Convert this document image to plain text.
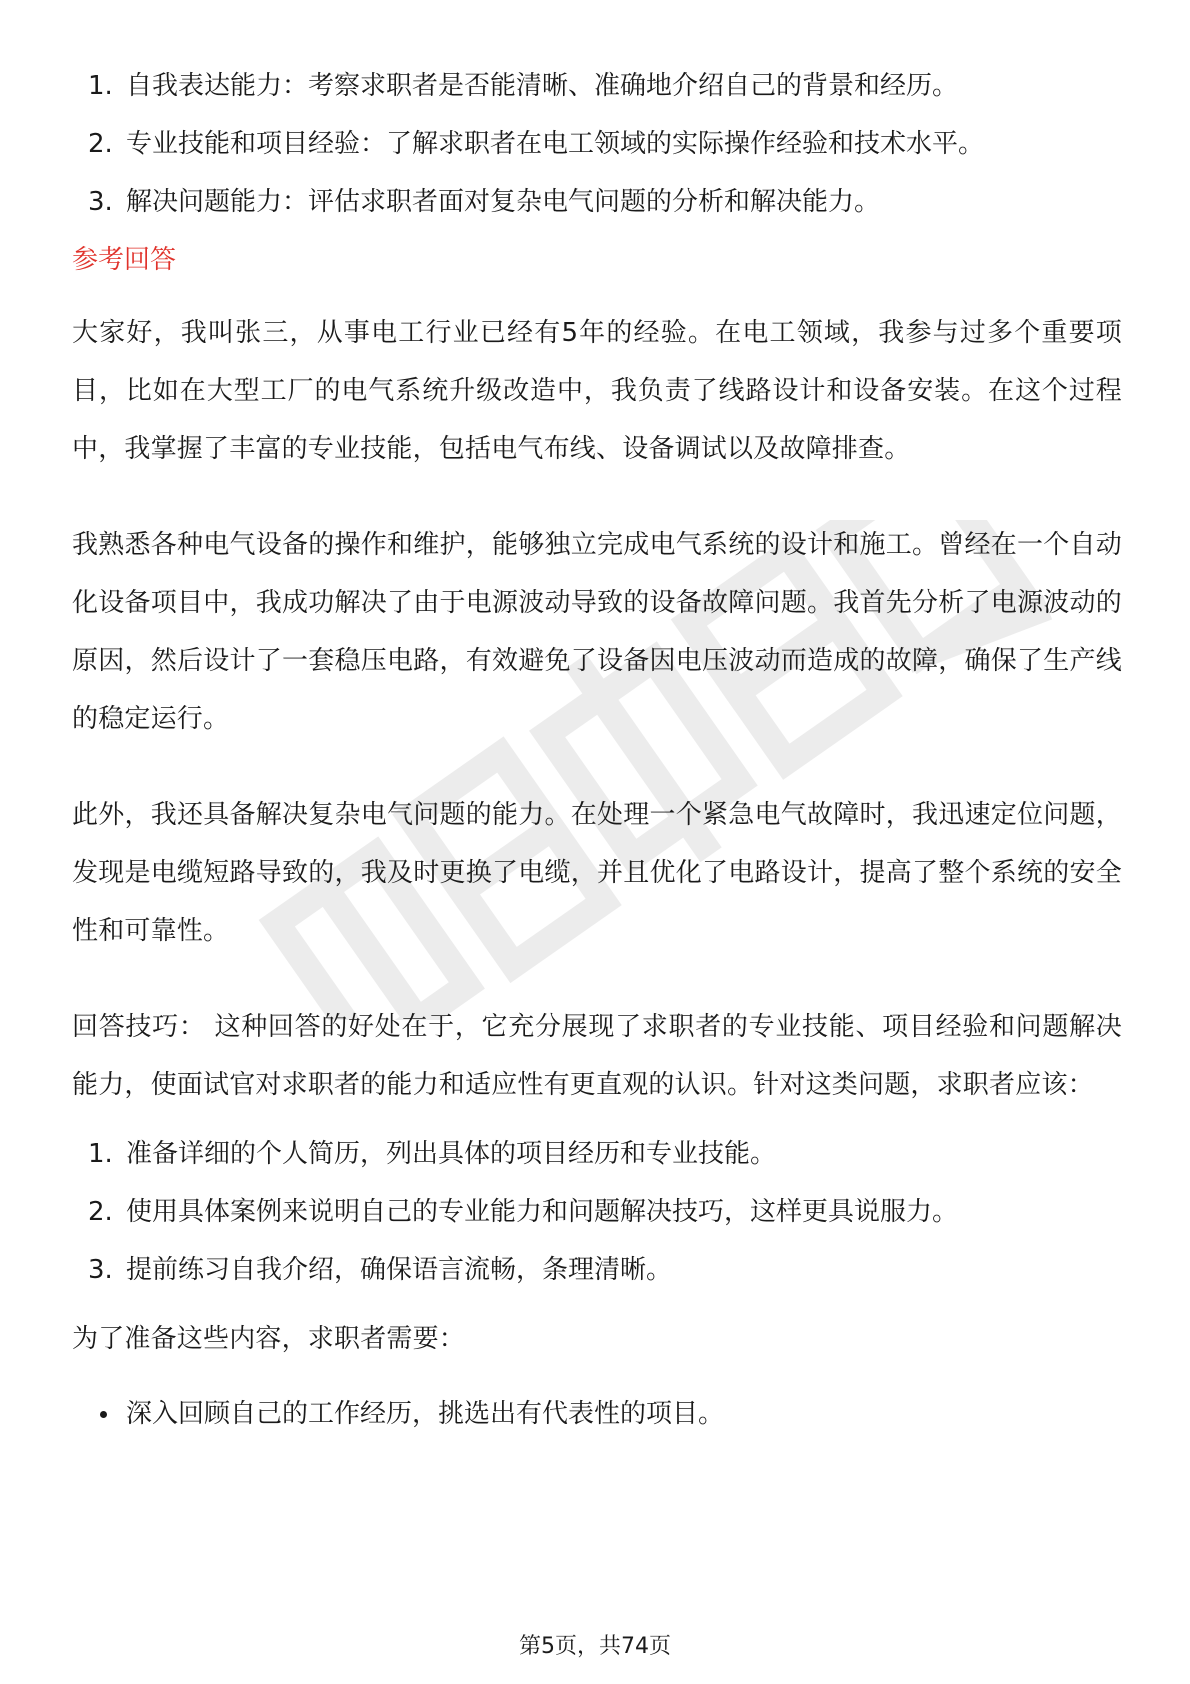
1. 自我表达能力：考察求职者是否能清晰、准确地介绍自己的背景和经历。
2. 专业技能和项目经验：了解求职者在电工领域的实际操作经验和技术水平。
3. 解决问题能力：评估求职者面对复杂电气问题的分析和解决能力。
参考回答

大家好，我叫张三，从事电工行业已经有5年的经验。在电工领域，我参与过多个重要项目，比如在大型工厂的电气系统升级改造中，我负责了线路设计和设备安装。在这个过程中，我掌握了丰富的专业技能，包括电气布线、设备调试以及故障排查。

我熟悉各种电气设备的操作和维护，能够独立完成电气系统的设计和施工。曾经在一个自动化设备项目中，我成功解决了由于电源波动导致的设备故障问题。我首先分析了电源波动的原因，然后设计了一套稳压电路，有效避免了设备因电压波动而造成的故障，确保了生产线的稳定运行。

此外，我还具备解决复杂电气问题的能力。在处理一个紧急电气故障时，我迅速定位问题，发现是电缆短路导致的，我及时更换了电缆，并且优化了电路设计，提高了整个系统的安全性和可靠性。

回答技巧： 这种回答的好处在于，它充分展现了求职者的专业技能、项目经验和问题解决能力，使面试官对求职者的能力和适应性有更直观的认识。针对这类问题，求职者应该：

1. 准备详细的个人简历，列出具体的项目经历和专业技能。
2. 使用具体案例来说明自己的专业能力和问题解决技巧，这样更具说服力。
3. 提前练习自我介绍，确保语言流畅，条理清晰。

为了准备这些内容，求职者需要：

深入回顾自己的工作经历，挑选出有代表性的项目。
第5页，共74页
